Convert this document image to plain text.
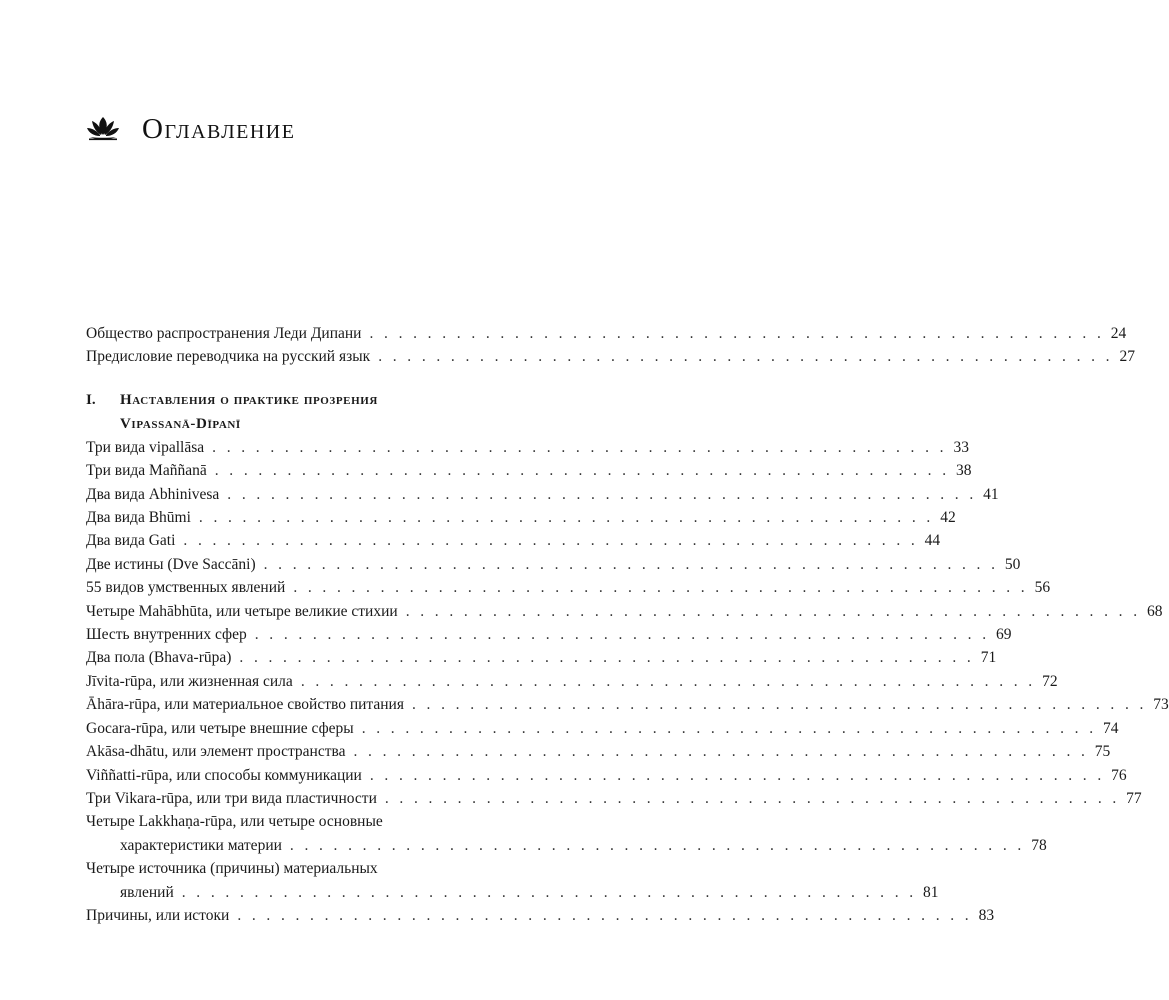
Оглавление
Общество распространения Леди Дипани . . . . . . . . . . . . . . . . . . . . . . . . . . . . . . . . . . . . . . . . . . . . . . . . . . . 24
Предисловие переводчика на русский язык . . . . . . . . . . . . . . . . . . . . . . . . . . . . . . . . . . . . . . . . . . . . . . . . . . . 27
I.	Наставления о практике прозрения
Vipassanā-Dīpanī
Три вида vipallāsa . . . . . . . . . . . . . . . . . . . . . . . . . . . . . . . . . . . . . . . . . . . . . . . . . . . 33
Три вида Maññanā . . . . . . . . . . . . . . . . . . . . . . . . . . . . . . . . . . . . . . . . . . . . . . . . . . . 38
Два вида Abhinivesa . . . . . . . . . . . . . . . . . . . . . . . . . . . . . . . . . . . . . . . . . . . . . . . . . . . . 41
Два вида Bhūmi . . . . . . . . . . . . . . . . . . . . . . . . . . . . . . . . . . . . . . . . . . . . . . . . . . . 42
Два вида Gati . . . . . . . . . . . . . . . . . . . . . . . . . . . . . . . . . . . . . . . . . . . . . . . . . . . 44
Две истины (Dve Saccāni) . . . . . . . . . . . . . . . . . . . . . . . . . . . . . . . . . . . . . . . . . . . . . . . . . . . 50
55 видов умственных явлений . . . . . . . . . . . . . . . . . . . . . . . . . . . . . . . . . . . . . . . . . . . . . . . . . . . 56
Четыре Mahābhūta, или четыре великие стихии . . . . . . . . . . . . . . . . . . . . . . . . . . . . . . . . . . . . . . . . . . . . . . . . . . . 68
Шесть внутренних сфер . . . . . . . . . . . . . . . . . . . . . . . . . . . . . . . . . . . . . . . . . . . . . . . . . . . 69
Два пола (Bhava-rūpa) . . . . . . . . . . . . . . . . . . . . . . . . . . . . . . . . . . . . . . . . . . . . . . . . . . . 71
Jīvita-rūpa, или жизненная сила . . . . . . . . . . . . . . . . . . . . . . . . . . . . . . . . . . . . . . . . . . . . . . . . . . . 72
Āhāra-rūpa, или материальное свойство питания . . . . . . . . . . . . . . . . . . . . . . . . . . . . . . . . . . . . . . . . . . . . . . . . . . . 73
Gocara-rūpa, или четыре внешние сферы . . . . . . . . . . . . . . . . . . . . . . . . . . . . . . . . . . . . . . . . . . . . . . . . . . . 74
Akāsa-dhātu, или элемент пространства . . . . . . . . . . . . . . . . . . . . . . . . . . . . . . . . . . . . . . . . . . . . . . . . . . . 75
Viññatti-rūpa, или способы коммуникации . . . . . . . . . . . . . . . . . . . . . . . . . . . . . . . . . . . . . . . . . . . . . . . . . . . 76
Три Vikara-rūpa, или три вида пластичности . . . . . . . . . . . . . . . . . . . . . . . . . . . . . . . . . . . . . . . . . . . . . . . . . . . 77
Четыре Lakkhaṇa-rūpa, или четыре основные
характеристики материи . . . . . . . . . . . . . . . . . . . . . . . . . . . . . . . . . . . . . . . . . . . . . . . . . . . 78
Четыре источника (причины) материальных
явлений . . . . . . . . . . . . . . . . . . . . . . . . . . . . . . . . . . . . . . . . . . . . . . . . . . . 81
Причины, или истоки . . . . . . . . . . . . . . . . . . . . . . . . . . . . . . . . . . . . . . . . . . . . . . . . . . . 83
